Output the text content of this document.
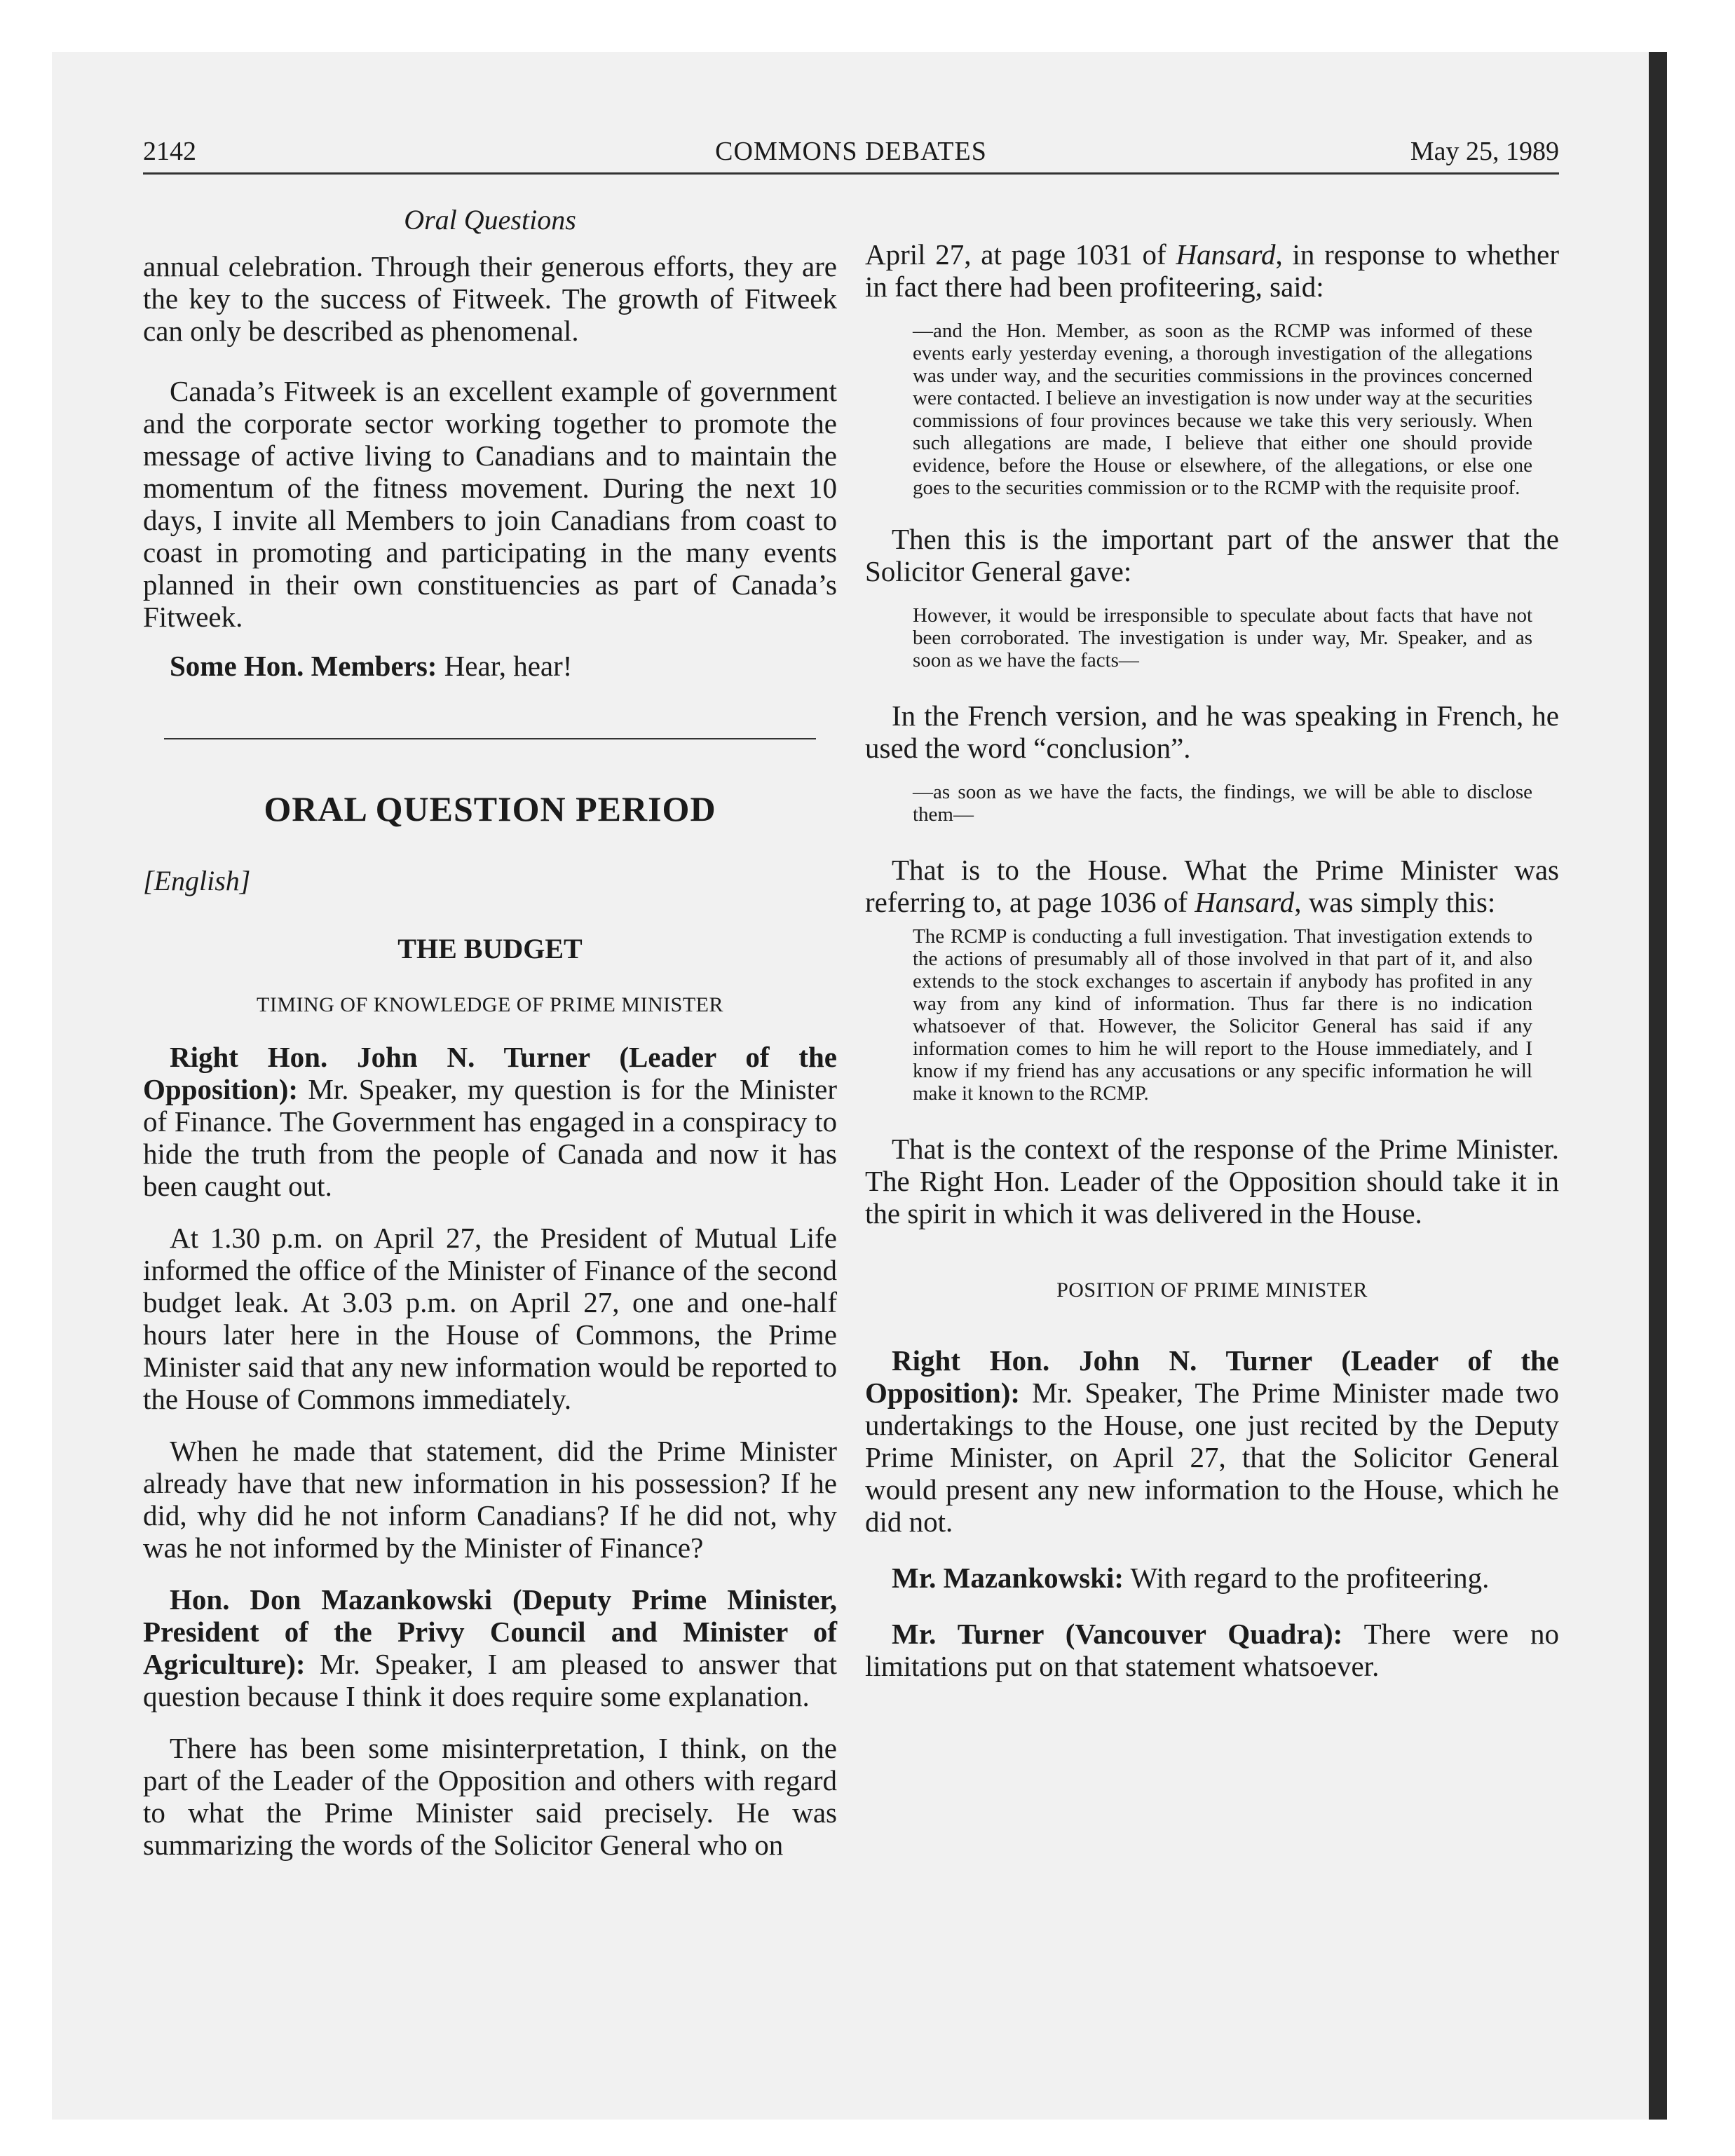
2142	COMMONS DEBATES	May 25, 1989

Oral Questions

annual celebration. Through their generous efforts, they are the key to the success of Fitweek. The growth of Fitweek can only be described as phenomenal.

Canada’s Fitweek is an excellent example of government and the corporate sector working together to promote the message of active living to Canadians and to maintain the momentum of the fitness movement. During the next 10 days, I invite all Members to join Canadians from coast to coast in promoting and participating in the many events planned in their own constituencies as part of Canada’s Fitweek.

Some Hon. Members: Hear, hear!

ORAL QUESTION PERIOD

[English]

THE BUDGET

TIMING OF KNOWLEDGE OF PRIME MINISTER

Right Hon. John N. Turner (Leader of the Opposition): Mr. Speaker, my question is for the Minister of Finance. The Government has engaged in a conspiracy to hide the truth from the people of Canada and now it has been caught out.

At 1.30 p.m. on April 27, the President of Mutual Life informed the office of the Minister of Finance of the second budget leak. At 3.03 p.m. on April 27, one and one-half hours later here in the House of Commons, the Prime Minister said that any new information would be reported to the House of Commons immediately.

When he made that statement, did the Prime Minister already have that new information in his possession? If he did, why did he not inform Canadians? If he did not, why was he not informed by the Minister of Finance?

Hon. Don Mazankowski (Deputy Prime Minister, President of the Privy Council and Minister of Agriculture): Mr. Speaker, I am pleased to answer that question because I think it does require some explanation.

There has been some misinterpretation, I think, on the part of the Leader of the Opposition and others with regard to what the Prime Minister said precisely. He was summarizing the words of the Solicitor General who on

April 27, at page 1031 of Hansard, in response to whether in fact there had been profiteering, said:

—and the Hon. Member, as soon as the RCMP was informed of these events early yesterday evening, a thorough investigation of the allegations was under way, and the securities commissions in the provinces concerned were contacted. I believe an investigation is now under way at the securities commissions of four provinces because we take this very seriously. When such allegations are made, I believe that either one should provide evidence, before the House or elsewhere, of the allegations, or else one goes to the securities commission or to the RCMP with the requisite proof.

Then this is the important part of the answer that the Solicitor General gave:

However, it would be irresponsible to speculate about facts that have not been corroborated. The investigation is under way, Mr. Speaker, and as soon as we have the facts—

In the French version, and he was speaking in French, he used the word “conclusion”.

—as soon as we have the facts, the findings, we will be able to disclose them—

That is to the House. What the Prime Minister was referring to, at page 1036 of Hansard, was simply this:

The RCMP is conducting a full investigation. That investigation extends to the actions of presumably all of those involved in that part of it, and also extends to the stock exchanges to ascertain if anybody has profited in any way from any kind of information. Thus far there is no indication whatsoever of that. However, the Solicitor General has said if any information comes to him he will report to the House immediately, and I know if my friend has any accusations or any specific information he will make it known to the RCMP.

That is the context of the response of the Prime Minister. The Right Hon. Leader of the Opposition should take it in the spirit in which it was delivered in the House.

POSITION OF PRIME MINISTER

Right Hon. John N. Turner (Leader of the Opposition): Mr. Speaker, The Prime Minister made two undertakings to the House, one just recited by the Deputy Prime Minister, on April 27, that the Solicitor General would present any new information to the House, which he did not.

Mr. Mazankowski: With regard to the profiteering.

Mr. Turner (Vancouver Quadra): There were no limitations put on that statement whatsoever.
